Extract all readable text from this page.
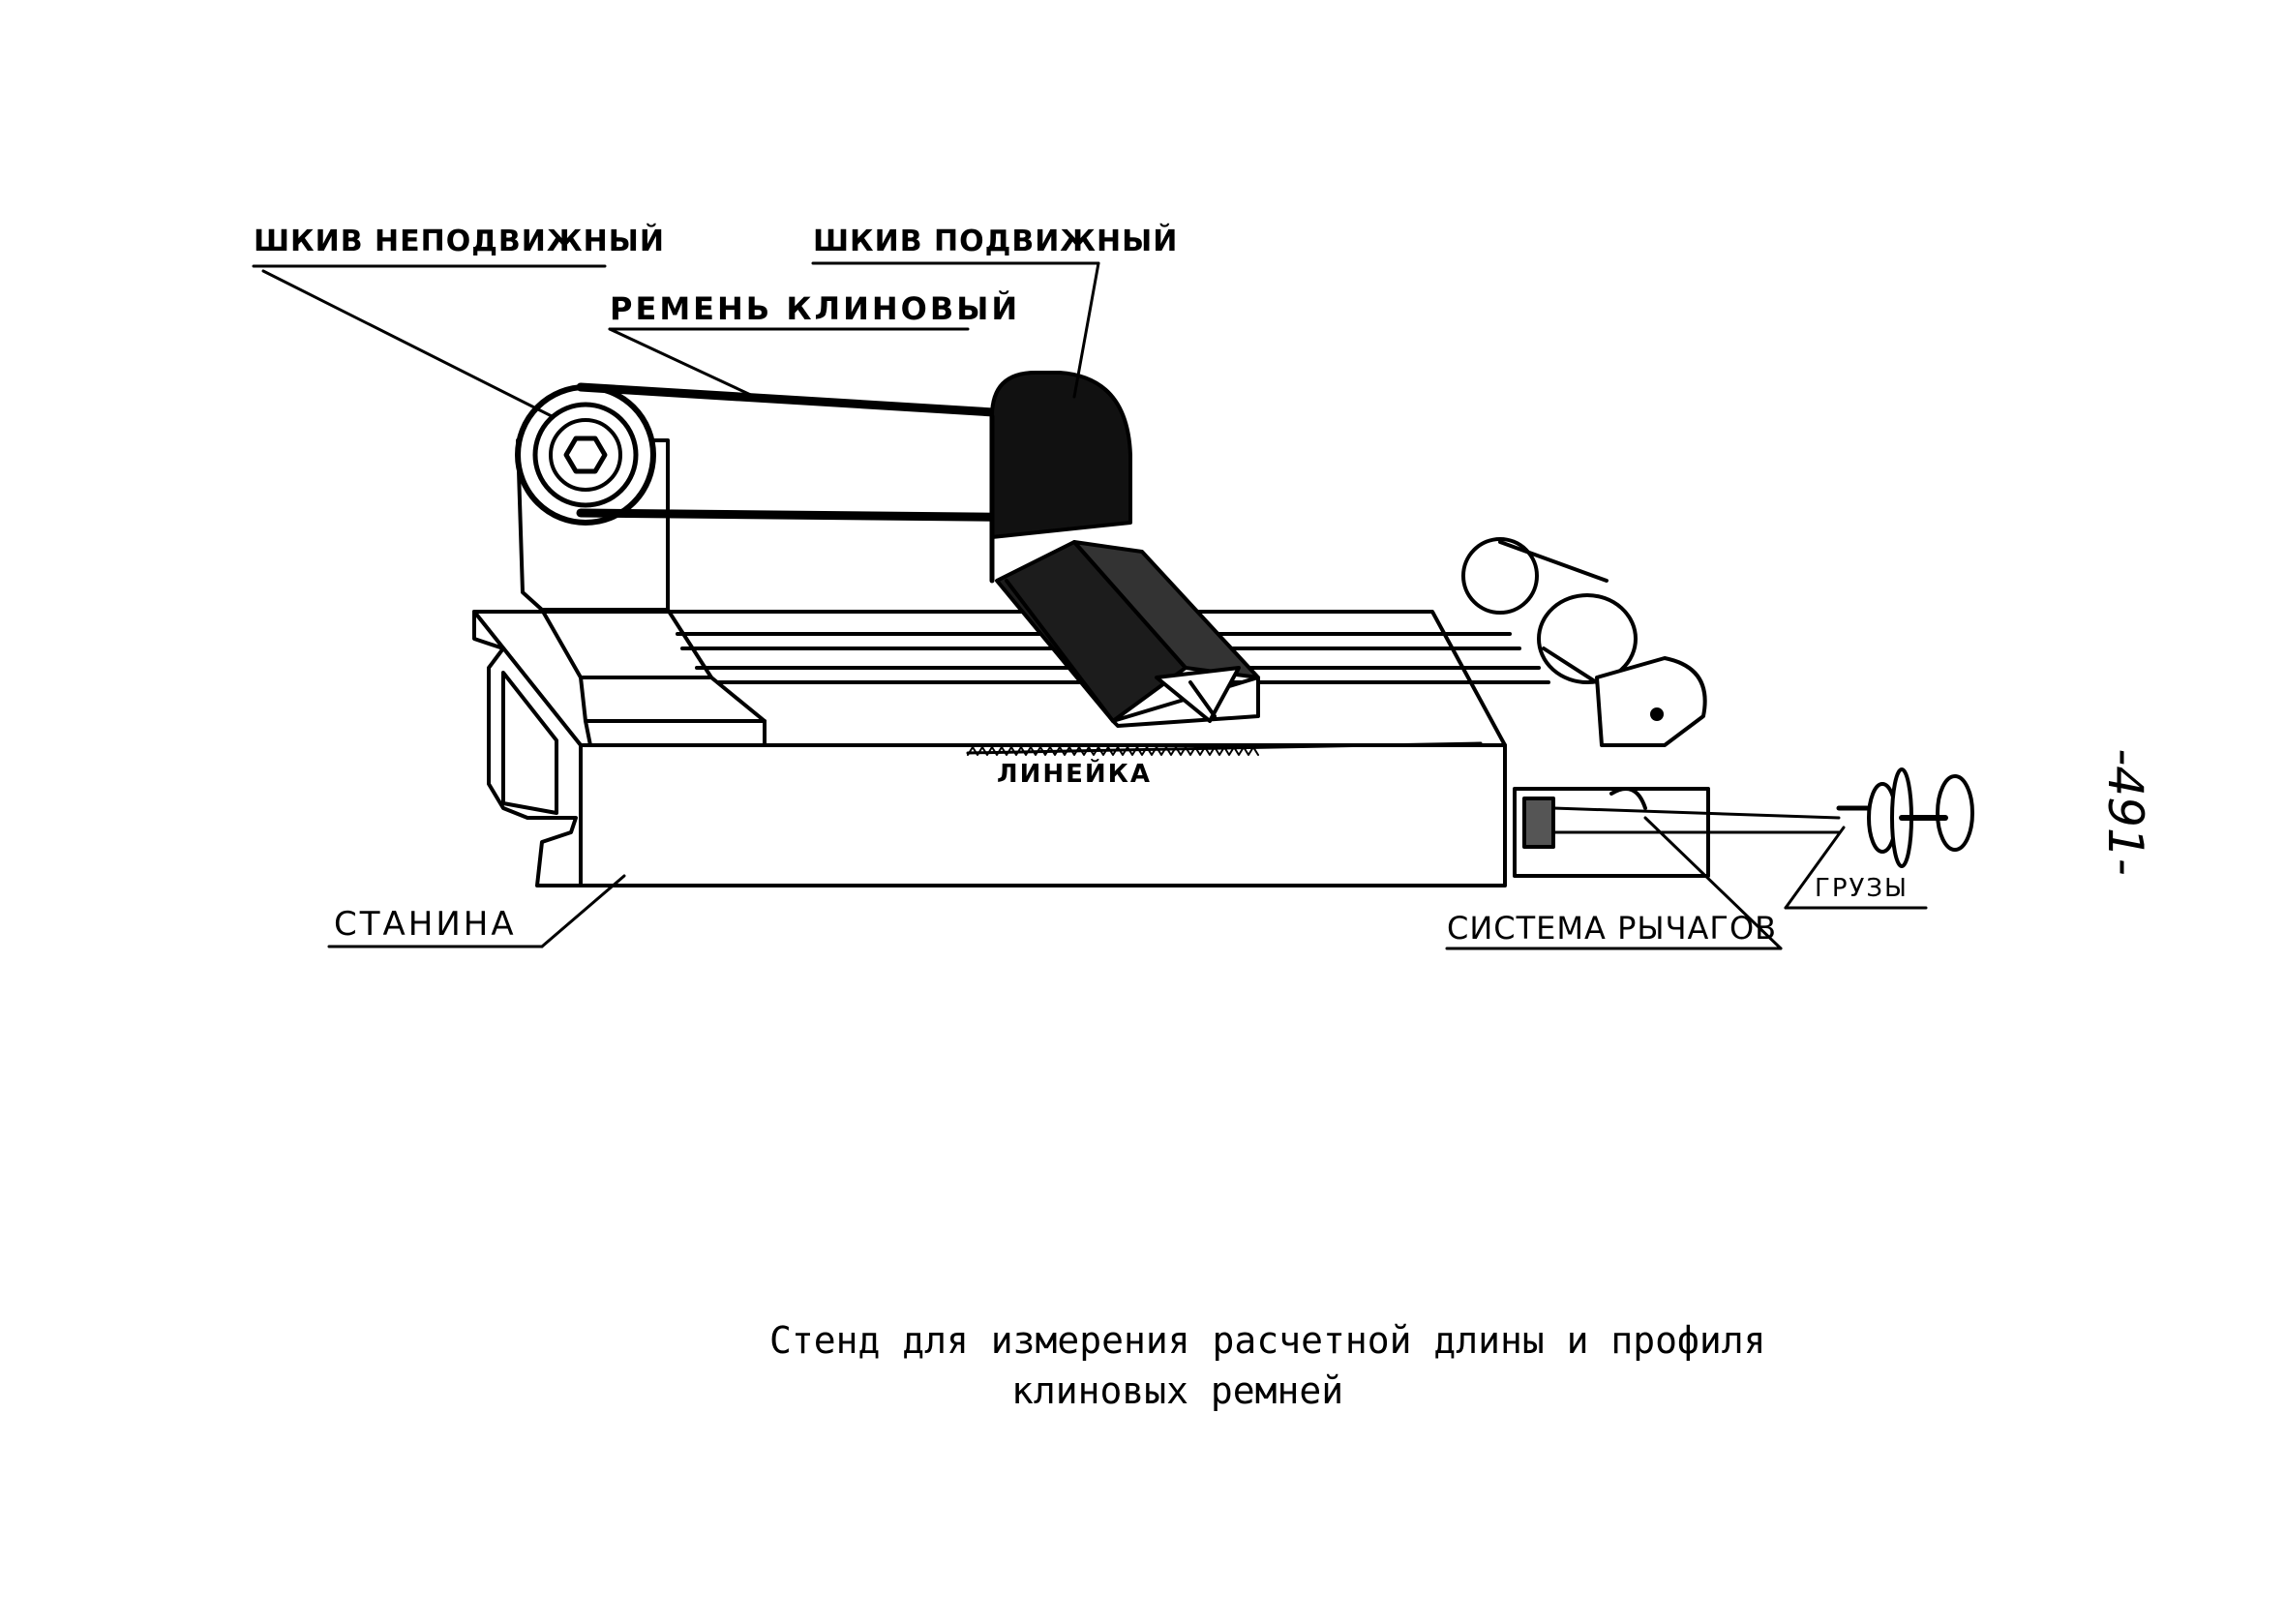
ШКИВ НЕПОДВИЖНЫЙ	ШКИВ ПОДВИЖНЫЙ
РЕМЕНЬ КЛИНОВЫЙ
ЛИНЕЙКА
СТАНИНА	СИСТЕМА РЫЧАГОВ
ГРУЗЫ
Стенд для измерения расчетной длины и профиля
клиновых ремней
-491-
